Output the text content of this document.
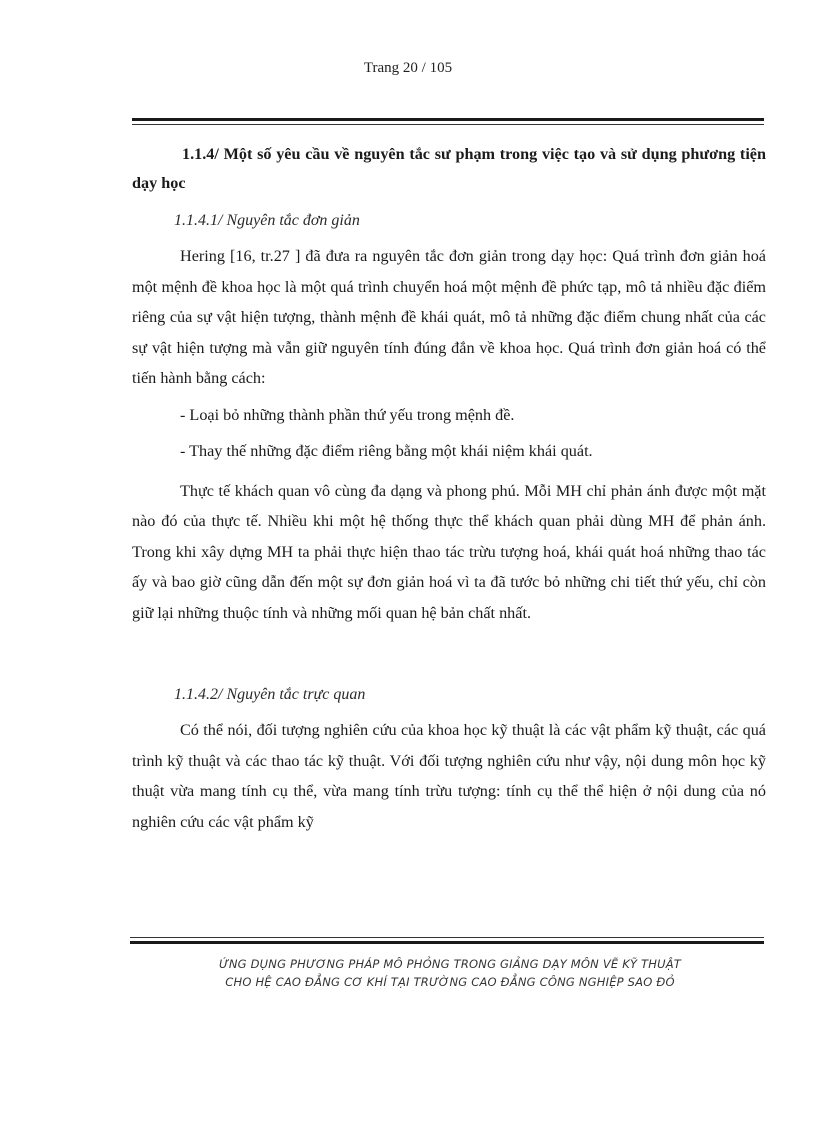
Trang 20 / 105

1.1.4/ Một số yêu cầu về nguyên tắc sư phạm trong việc tạo và sử dụng phương tiện dạy học

1.1.4.1/ Nguyên tắc đơn giản

Hering [16, tr.27 ] đã đưa ra nguyên tắc đơn giản trong dạy học: Quá trình đơn giản hoá một mệnh đề khoa học là một quá trình chuyển hoá một mệnh đề phức tạp, mô tả nhiều đặc điểm riêng của sự vật hiện tượng, thành mệnh đề khái quát, mô tả những đặc điểm chung nhất của các sự vật hiện tượng mà vẫn giữ nguyên tính đúng đắn về khoa học. Quá trình đơn giản hoá có thể tiến hành bằng cách:

- Loại bỏ những thành phần thứ yếu trong mệnh đề.
- Thay thế những đặc điểm riêng bằng một khái niệm khái quát.

Thực tế khách quan vô cùng đa dạng và phong phú. Mỗi MH chỉ phản ánh được một mặt nào đó của thực tế. Nhiều khi một hệ thống thực thể khách quan phải dùng MH để phản ánh. Trong khi xây dựng MH ta phải thực hiện thao tác trừu tượng hoá, khái quát hoá những thao tác ấy và bao giờ cũng dẫn đến một sự đơn giản hoá vì ta đã tước bỏ những chi tiết thứ yếu, chỉ còn giữ lại những thuộc tính và những mối quan hệ bản chất nhất.

1.1.4.2/ Nguyên tắc trực quan

Có thể nói, đối tượng nghiên cứu của khoa học kỹ thuật là các vật phẩm kỹ thuật, các quá trình kỹ thuật và các thao tác kỹ thuật. Với đối tượng nghiên cứu như vậy, nội dung môn học kỹ thuật vừa mang tính cụ thể, vừa mang tính trừu tượng: tính cụ thể thể hiện ở nội dung của nó nghiên cứu các vật phẩm kỹ

ỨNG DỤNG PHƯƠNG PHÁP MÔ PHỎNG TRONG GIẢNG DẠY MÔN VẼ KỸ THUẬT
CHO HỆ CAO ĐẲNG CƠ KHÍ TẠI TRƯỜNG CAO ĐẲNG CÔNG NGHIỆP SAO ĐỎ
